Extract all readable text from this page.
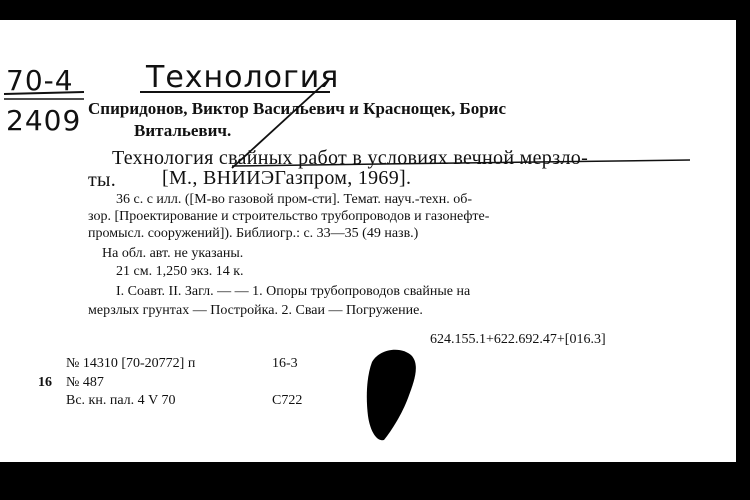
70-4
2409
Технология
Спиридонов, Виктор Васильевич и Краснощек, Борис
Витальевич.
Технология свайных работ в условиях вечной мерзло-
ты. [М., ВНИИЭГазпром, 1969].
36 с. с илл. ([М-во газовой пром-сти]. Темат. науч.-техн. об-
зор. [Проектирование и строительство трубопроводов и газонефте-
промысл. сооружений]). Библиогр.: с. 33—35 (49 назв.)
На обл. авт. не указаны.
21 см. 1,250 экз. 14 к.
I. Соавт. II. Загл. — — 1. Опоры трубопроводов свайные на
мерзлых грунтах — Постройка. 2. Сваи — Погружение.
624.155.1+622.692.47+[016.3]
№ 14310 [70-20772] п	16-3
16 № 487
Вс. кн. пал. 4 V 70	С722
